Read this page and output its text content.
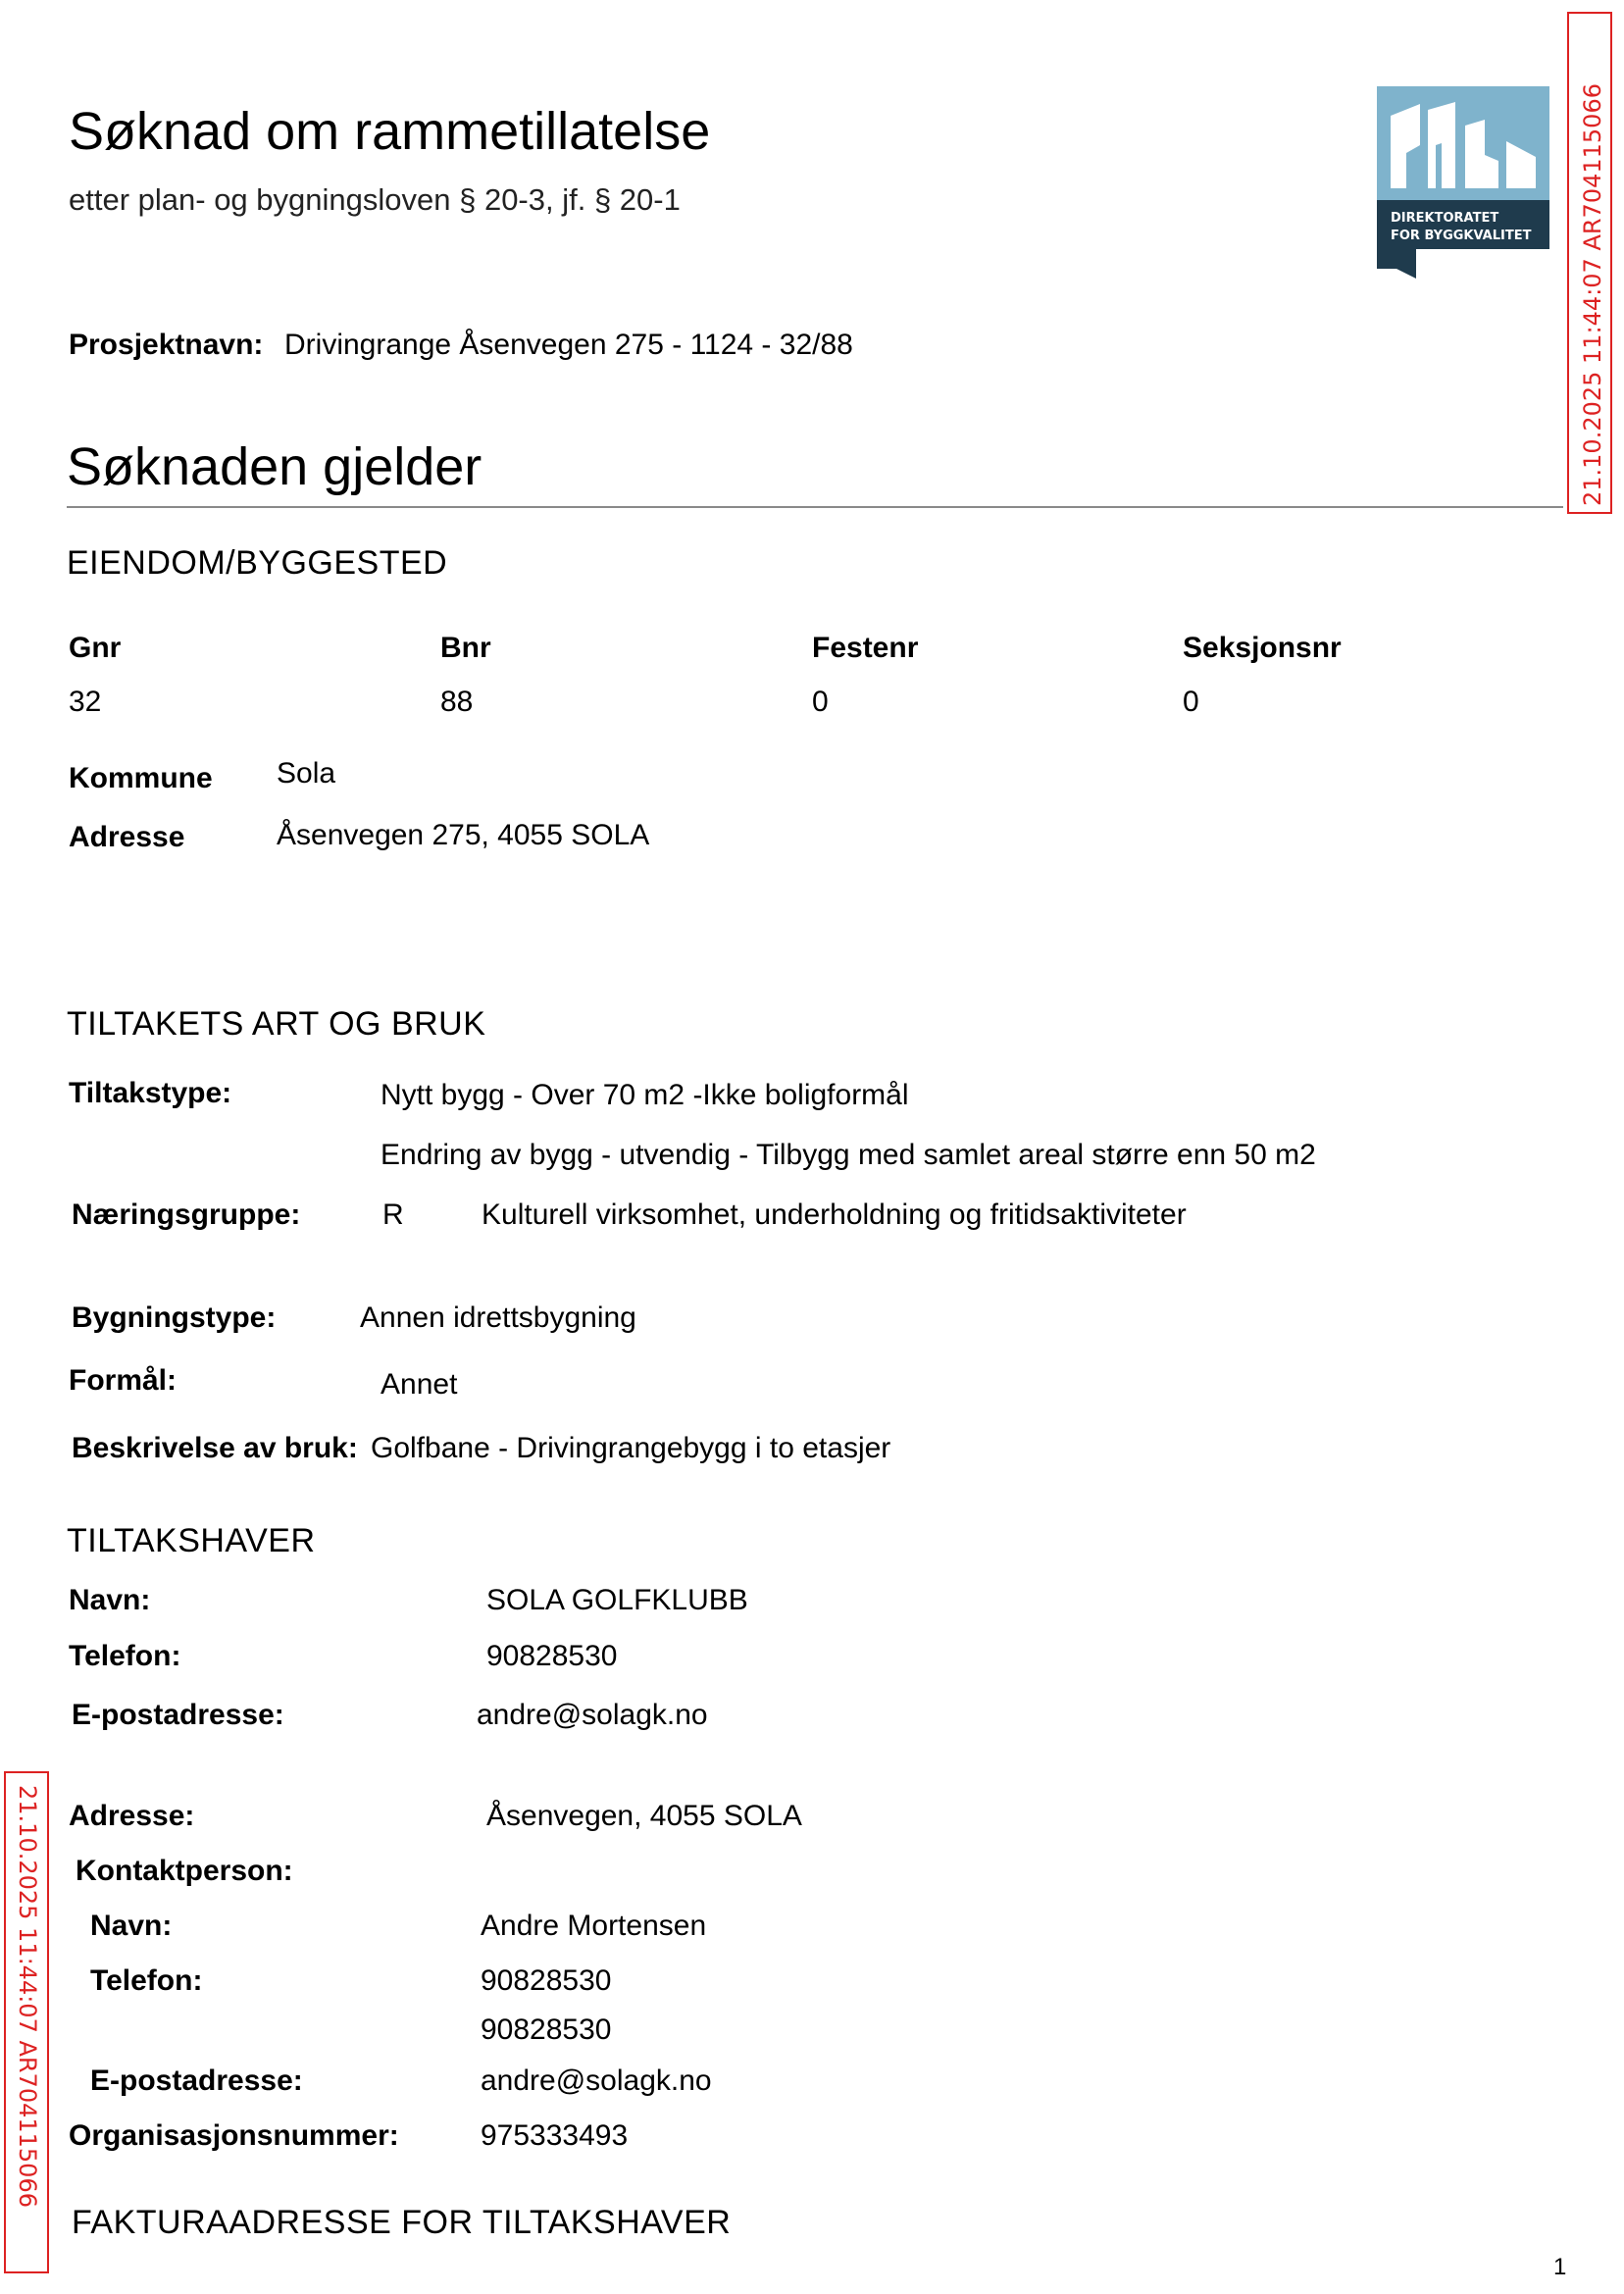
Søknad om rammetillatelse
etter plan- og bygningsloven § 20-3, jf. § 20-1
Prosjektnavn: Drivingrange Åsenvegen 275 - 1124 - 32/88
DIREKTORATET
FOR BYGGKVALITET 21.10.2025 11:44:07 AR704115066
Søknaden gjelder
EIENDOM/BYGGESTED
Gnr	Bnr	Festenr	Seksjonsnr
32	88	0	0
Kommune Sola
Adresse	Åsenvegen 275, 4055 SOLA
TILTAKETS ART OG BRUK
Tiltakstype:	Nytt bygg - Over 70 m2 -Ikke boligformål
Endring av bygg - utvendig - Tilbygg med samlet areal større enn 50 m2
Næringsgruppe:	R	Kulturell virksomhet, underholdning og fritidsaktiviteter
Bygningstype:	Annen idrettsbygning
Formål:	Annet
Beskrivelse av bruk: Golfbane - Drivingrangebygg i to etasjer
TILTAKSHAVER
Navn:	SOLA GOLFKLUBB
Telefon:	90828530
E-postadresse:	andre@solagk.no
Adresse:	Åsenvegen, 4055 SOLA
Kontaktperson:
Navn:	Andre Mortensen
Telefon:	90828530
90828530
E-postadresse:	andre@solagk.no
Organisasjonsnummer:	975333493
FAKTURAADRESSE FOR TILTAKSHAVER
21.10.2025 11:44:07 AR704115066
1
